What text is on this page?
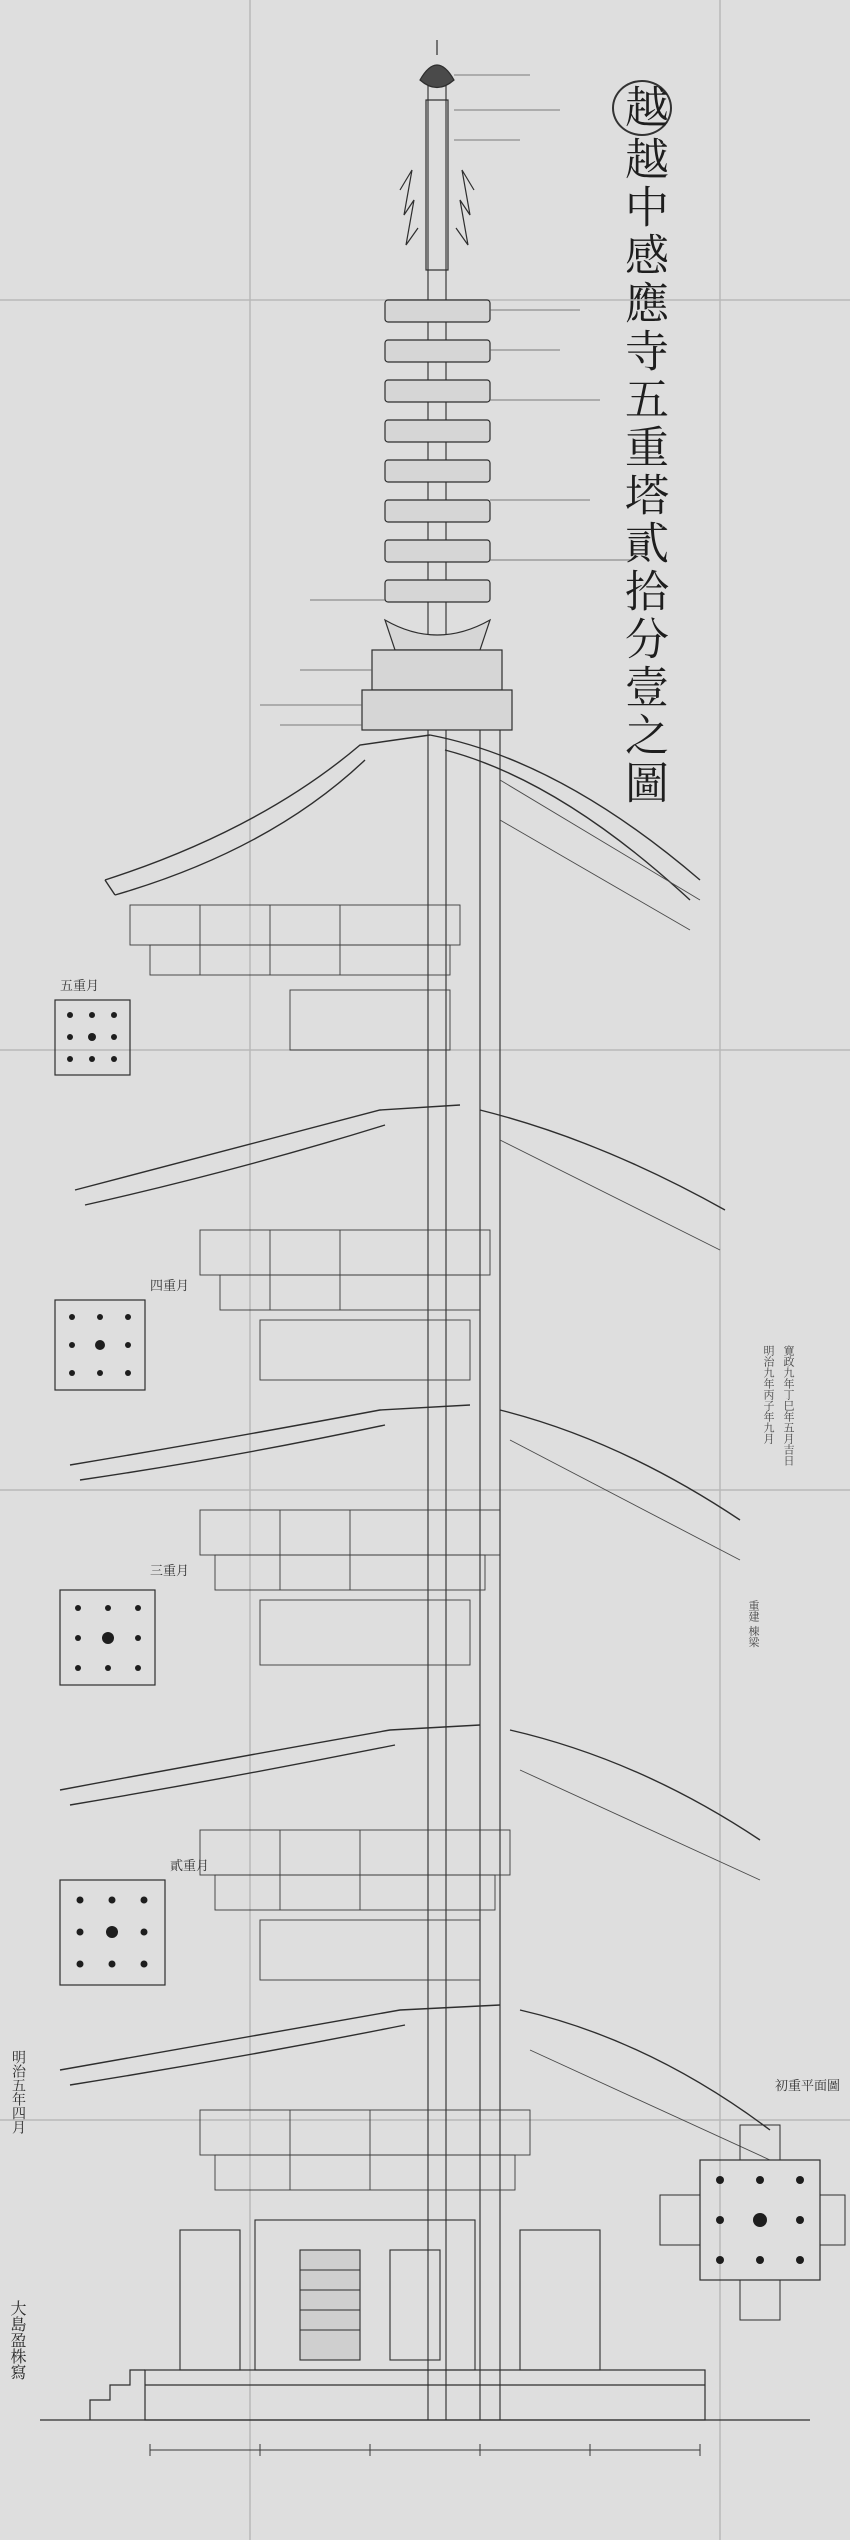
越越中感應寺五重塔貳拾分壹之圖
明治五年四月
大島盈株寫
寛政九年丁巳年五月吉日
明治九年丙子年九月
重建 棟梁
五重月
四重月
三重月
貳重月
初重平面圖
